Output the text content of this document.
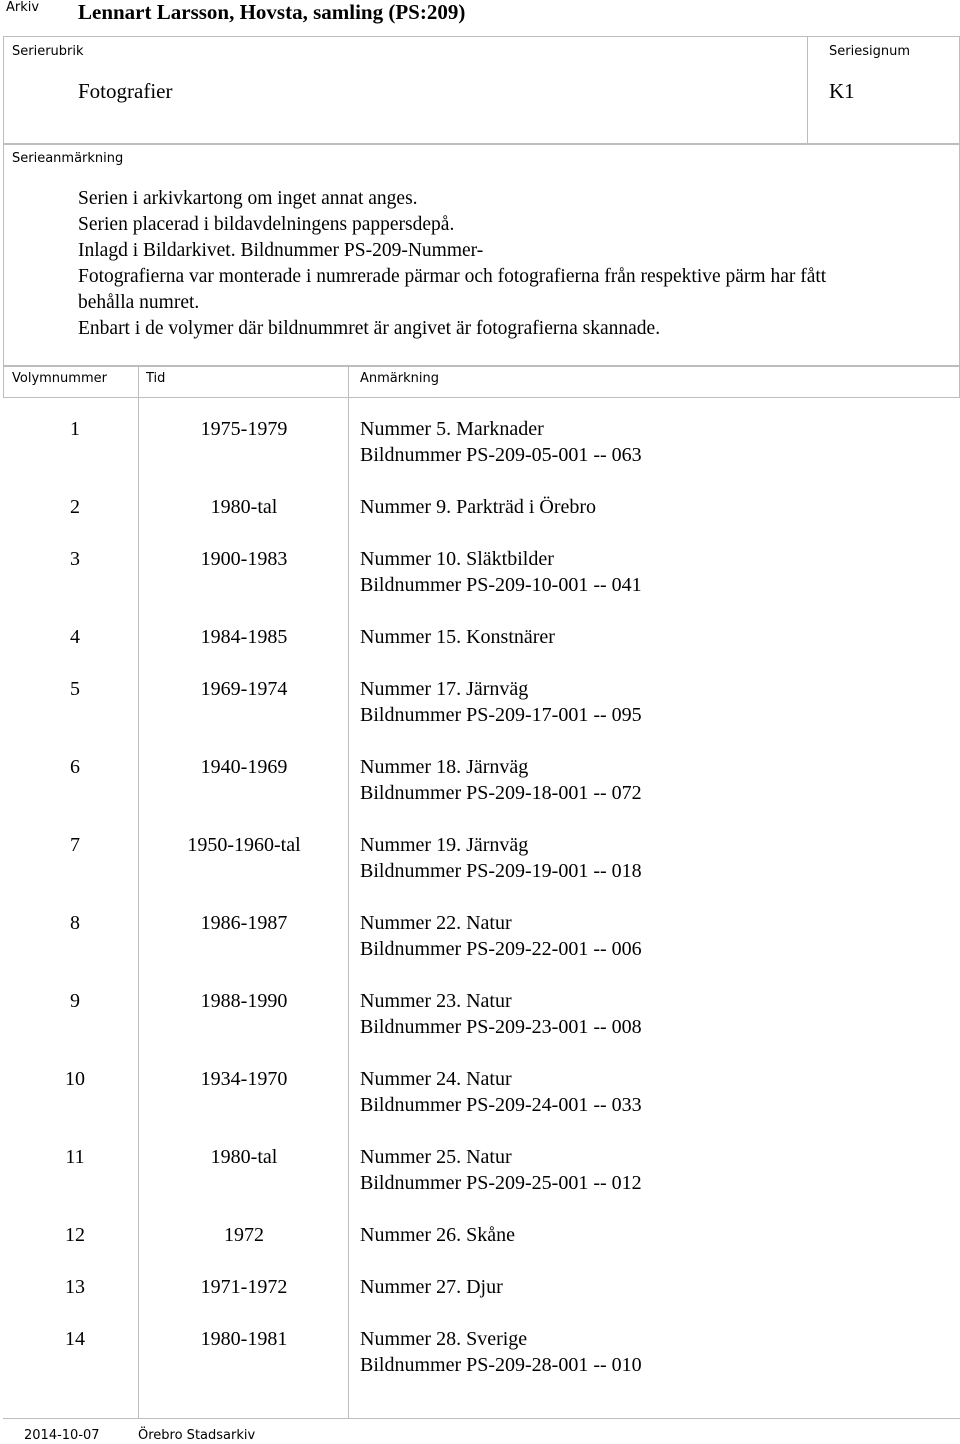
Arkiv Lennart Larsson, Hovsta, samling (PS:209)
Serierubrik
Fotografier
Seriesignum
K1
Serieanmärkning
Serien i arkivkartong om inget annat anges.
Serien placerad i bildavdelningens pappersdepå.
Inlagd i Bildarkivet. Bildnummer PS-209-Nummer-
Fotografierna var monterade i numrerade pärmar och fotografierna från respektive pärm har fått
behålla numret.
Enbart i de volymer där bildnummret är angivet är fotografierna skannade.
Volymnummer	Tid	Anmärkning
1	1975-1979	Nummer 5. Marknader
Bildnummer PS-209-05-001 -- 063
2	1980-tal	Nummer 9. Parkträd i Örebro
3	1900-1983	Nummer 10. Släktbilder
Bildnummer PS-209-10-001 -- 041
4	1984-1985	Nummer 15. Konstnärer
5	1969-1974	Nummer 17. Järnväg
Bildnummer PS-209-17-001 -- 095
6	1940-1969	Nummer 18. Järnväg
Bildnummer PS-209-18-001 -- 072
7	1950-1960-tal	Nummer 19. Järnväg
Bildnummer PS-209-19-001 -- 018
8	1986-1987	Nummer 22. Natur
Bildnummer PS-209-22-001 -- 006
9	1988-1990	Nummer 23. Natur
Bildnummer PS-209-23-001 -- 008
10	1934-1970	Nummer 24. Natur
Bildnummer PS-209-24-001 -- 033
11	1980-tal	Nummer 25. Natur
Bildnummer PS-209-25-001 -- 012
12	1972	Nummer 26. Skåne
13	1971-1972	Nummer 27. Djur
14	1980-1981	Nummer 28. Sverige
Bildnummer PS-209-28-001 -- 010
2014-10-07	Örebro Stadsarkiv
